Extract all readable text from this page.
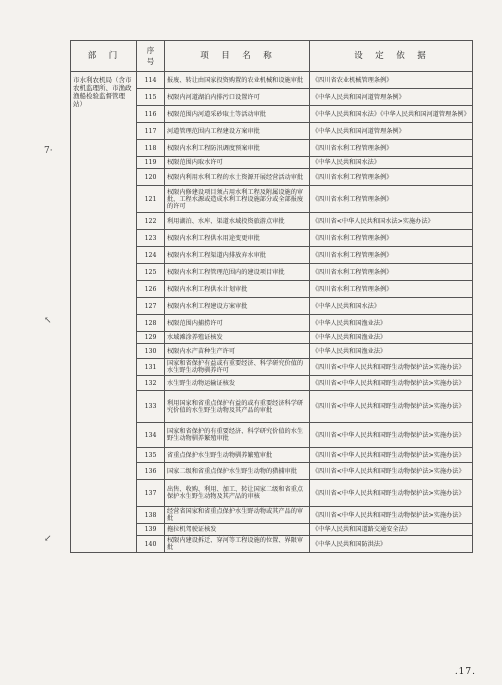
7·
↖
↙
部　门	序
号	项　目　名　称	设　定　依　据
市水利农机局（含市农机监理所、市渔政渔船检验监督管理站）	114	报废、转让由国家投资购置的农业机械和设施审批	《四川省农业机械管理条例》
	115	权限内河道湖泊内排污口设置许可	《中华人民共和国河道管理条例》
	116	权限范围内河道采砂取土等活动审批	《中华人民共和国水法》《中华人民共和国河道管理条例》
	117	河道管理范围内工程建设方案审批	《中华人民共和国河道管理条例》
	118	权限内水利工程防汛调度预案审批	《四川省水利工程管理条例》
	119	权限范围内取水许可	《中华人民共和国水法》
	120	权限内利用水利工程的水土资源开展经营活动审批	《四川省水利工程管理条例》
	121	权限内修建设项目须占用水利工程及附属设施的审批，工程水源或造成水利工程设施部分或全部报废的许可	《四川省水利工程管理条例》
	122	利用湖泊、水库、渠道水域投资旅游点审批	《四川省<中华人民共和国水法>实施办法》
	123	权限内水利工程供水用途变更审批	《四川省水利工程管理条例》
	124	权限内水利工程渠道内排放弃水审批	《四川省水利工程管理条例》
	125	权限内水利工程管理范围内的建设项目审批	《四川省水利工程管理条例》
	126	权限内水利工程供水计划审批	《四川省水利工程管理条例》
	127	权限内水利工程建设方案审批	《中华人民共和国水法》
	128	权限范围内捕捞许可	《中华人民共和国渔业法》
	129	水域滩涂养殖证核发	《中华人民共和国渔业法》
	130	权限内水产苗种生产许可	《中华人民共和国渔业法》
	131	国家和省保护有益或有重要经济、科学研究价值的水生野生动物驯养许可	《四川省<中华人民共和国野生动物保护法>实施办法》
	132	水生野生动物运输证核发	《四川省<中华人民共和国野生动物保护法>实施办法》
	133	利用国家和省重点保护有益的或有重要经济科学研究价值的水生野生动物及其产品的审批	《四川省<中华人民共和国野生动物保护法>实施办法》
	134	国家和省保护的有重要经济、科学研究价值的水生野生动物驯养繁殖审批	《四川省<中华人民共和国野生动物保护法>实施办法》
	135	省重点保护水生野生动物驯养繁殖审批	《四川省<中华人民共和国野生动物保护法>实施办法》
	136	国家二级和省重点保护水生野生动物的猎捕审批	《四川省<中华人民共和国野生动物保护法>实施办法》
	137	出售、收购、利用、加工、转让国家二级和省重点保护水生野生动物及其产品的审核	《四川省<中华人民共和国野生动物保护法>实施办法》
	138	经营省国家和省重点保护水生野动物或其产品的审批	《四川省<中华人民共和国野生动物保护法>实施办法》
	139	拖拉机驾驶证核发	《中华人民共和国道路交通安全法》
	140	权限内建设拆迁、穿河等工程设施的位置、界限审批	《中华人民共和国防洪法》
.17.
